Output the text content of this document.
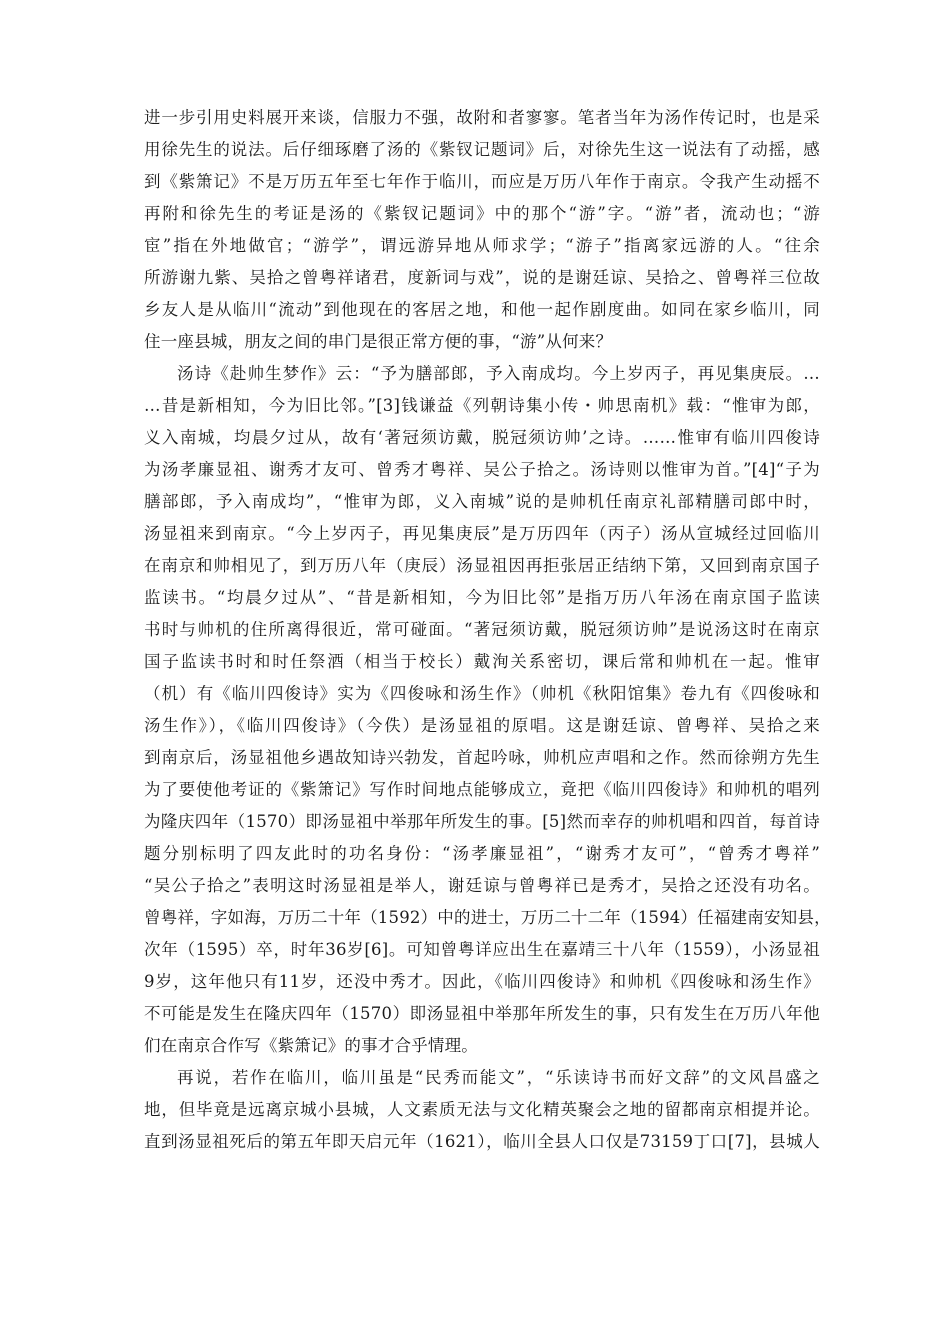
进一步引用史料展开来谈，信服力不强，故附和者寥寥。笔者当年为汤作传记时，也是采
用徐先生的说法。后仔细琢磨了汤的《紫钗记题词》后，对徐先生这一说法有了动摇，感
到《紫箫记》不是万历五年至七年作于临川，而应是万历八年作于南京。令我产生动摇不
再附和徐先生的考证是汤的《紫钗记题词》中的那个“游”字。“游”者，流动也；“游
宦”指在外地做官；“游学”，谓远游异地从师求学；“游子”指离家远游的人。“往余
所游谢九紫、吴拾之曾粤祥诸君，度新词与戏”，说的是谢廷谅、吴拾之、曾粤祥三位故
乡友人是从临川“流动”到他现在的客居之地，和他一起作剧度曲。如同在家乡临川，同
住一座县城，朋友之间的串门是很正常方便的事，“游”从何来？
汤诗《赴帅生梦作》云：“予为膳部郎，予入南成均。今上岁丙子，再见集庚辰。…
…昔是新相知，今为旧比邻。”[3]钱谦益《列朝诗集小传・帅思南机》载：“惟审为郎，
义入南城，均晨夕过从，故有‘著冠须访戴，脱冠须访帅’之诗。……惟审有临川四俊诗
为汤孝廉显祖、谢秀才友可、曾秀才粤祥、吴公子拾之。汤诗则以惟审为首。”[4]“子为
膳部郎，予入南成均”，“惟审为郎，义入南城”说的是帅机任南京礼部精膳司郎中时，
汤显祖来到南京。“今上岁丙子，再见集庚辰”是万历四年（丙子）汤从宣城经过回临川
在南京和帅相见了，到万历八年（庚辰）汤显祖因再拒张居正结纳下第，又回到南京国子
监读书。“均晨夕过从”、“昔是新相知，今为旧比邻”是指万历八年汤在南京国子监读
书时与帅机的住所离得很近，常可碰面。“著冠须访戴，脱冠须访帅”是说汤这时在南京
国子监读书时和时任祭酒（相当于校长）戴洵关系密切，课后常和帅机在一起。惟审
（机）有《临川四俊诗》实为《四俊咏和汤生作》（帅机《秋阳馆集》卷九有《四俊咏和
汤生作》），《临川四俊诗》（今佚）是汤显祖的原唱。这是谢廷谅、曾粤祥、吴拾之来
到南京后，汤显祖他乡遇故知诗兴勃发，首起吟咏，帅机应声唱和之作。然而徐朔方先生
为了要使他考证的《紫箫记》写作时间地点能够成立，竟把《临川四俊诗》和帅机的唱列
为隆庆四年（1570）即汤显祖中举那年所发生的事。[5]然而幸存的帅机唱和四首，每首诗
题分别标明了四友此时的功名身份：“汤孝廉显祖”，“谢秀才友可”，“曾秀才粤祥”
“吴公子拾之”表明这时汤显祖是举人，谢廷谅与曾粤祥已是秀才，吴拾之还没有功名。
曾粤祥，字如海，万历二十年（1592）中的进士，万历二十二年（1594）任福建南安知县，
次年（1595）卒，时年36岁[6]。可知曾粤详应出生在嘉靖三十八年（1559），小汤显祖
9岁，这年他只有11岁，还没中秀才。因此，《临川四俊诗》和帅机《四俊咏和汤生作》
不可能是发生在隆庆四年（1570）即汤显祖中举那年所发生的事，只有发生在万历八年他
们在南京合作写《紫箫记》的事才合乎情理。
再说，若作在临川，临川虽是“民秀而能文”，“乐读诗书而好文辞”的文风昌盛之
地，但毕竟是远离京城小县城，人文素质无法与文化精英聚会之地的留都南京相提并论。
直到汤显祖死后的第五年即天启元年（1621），临川全县人口仅是73159丁口[7]，县城人
